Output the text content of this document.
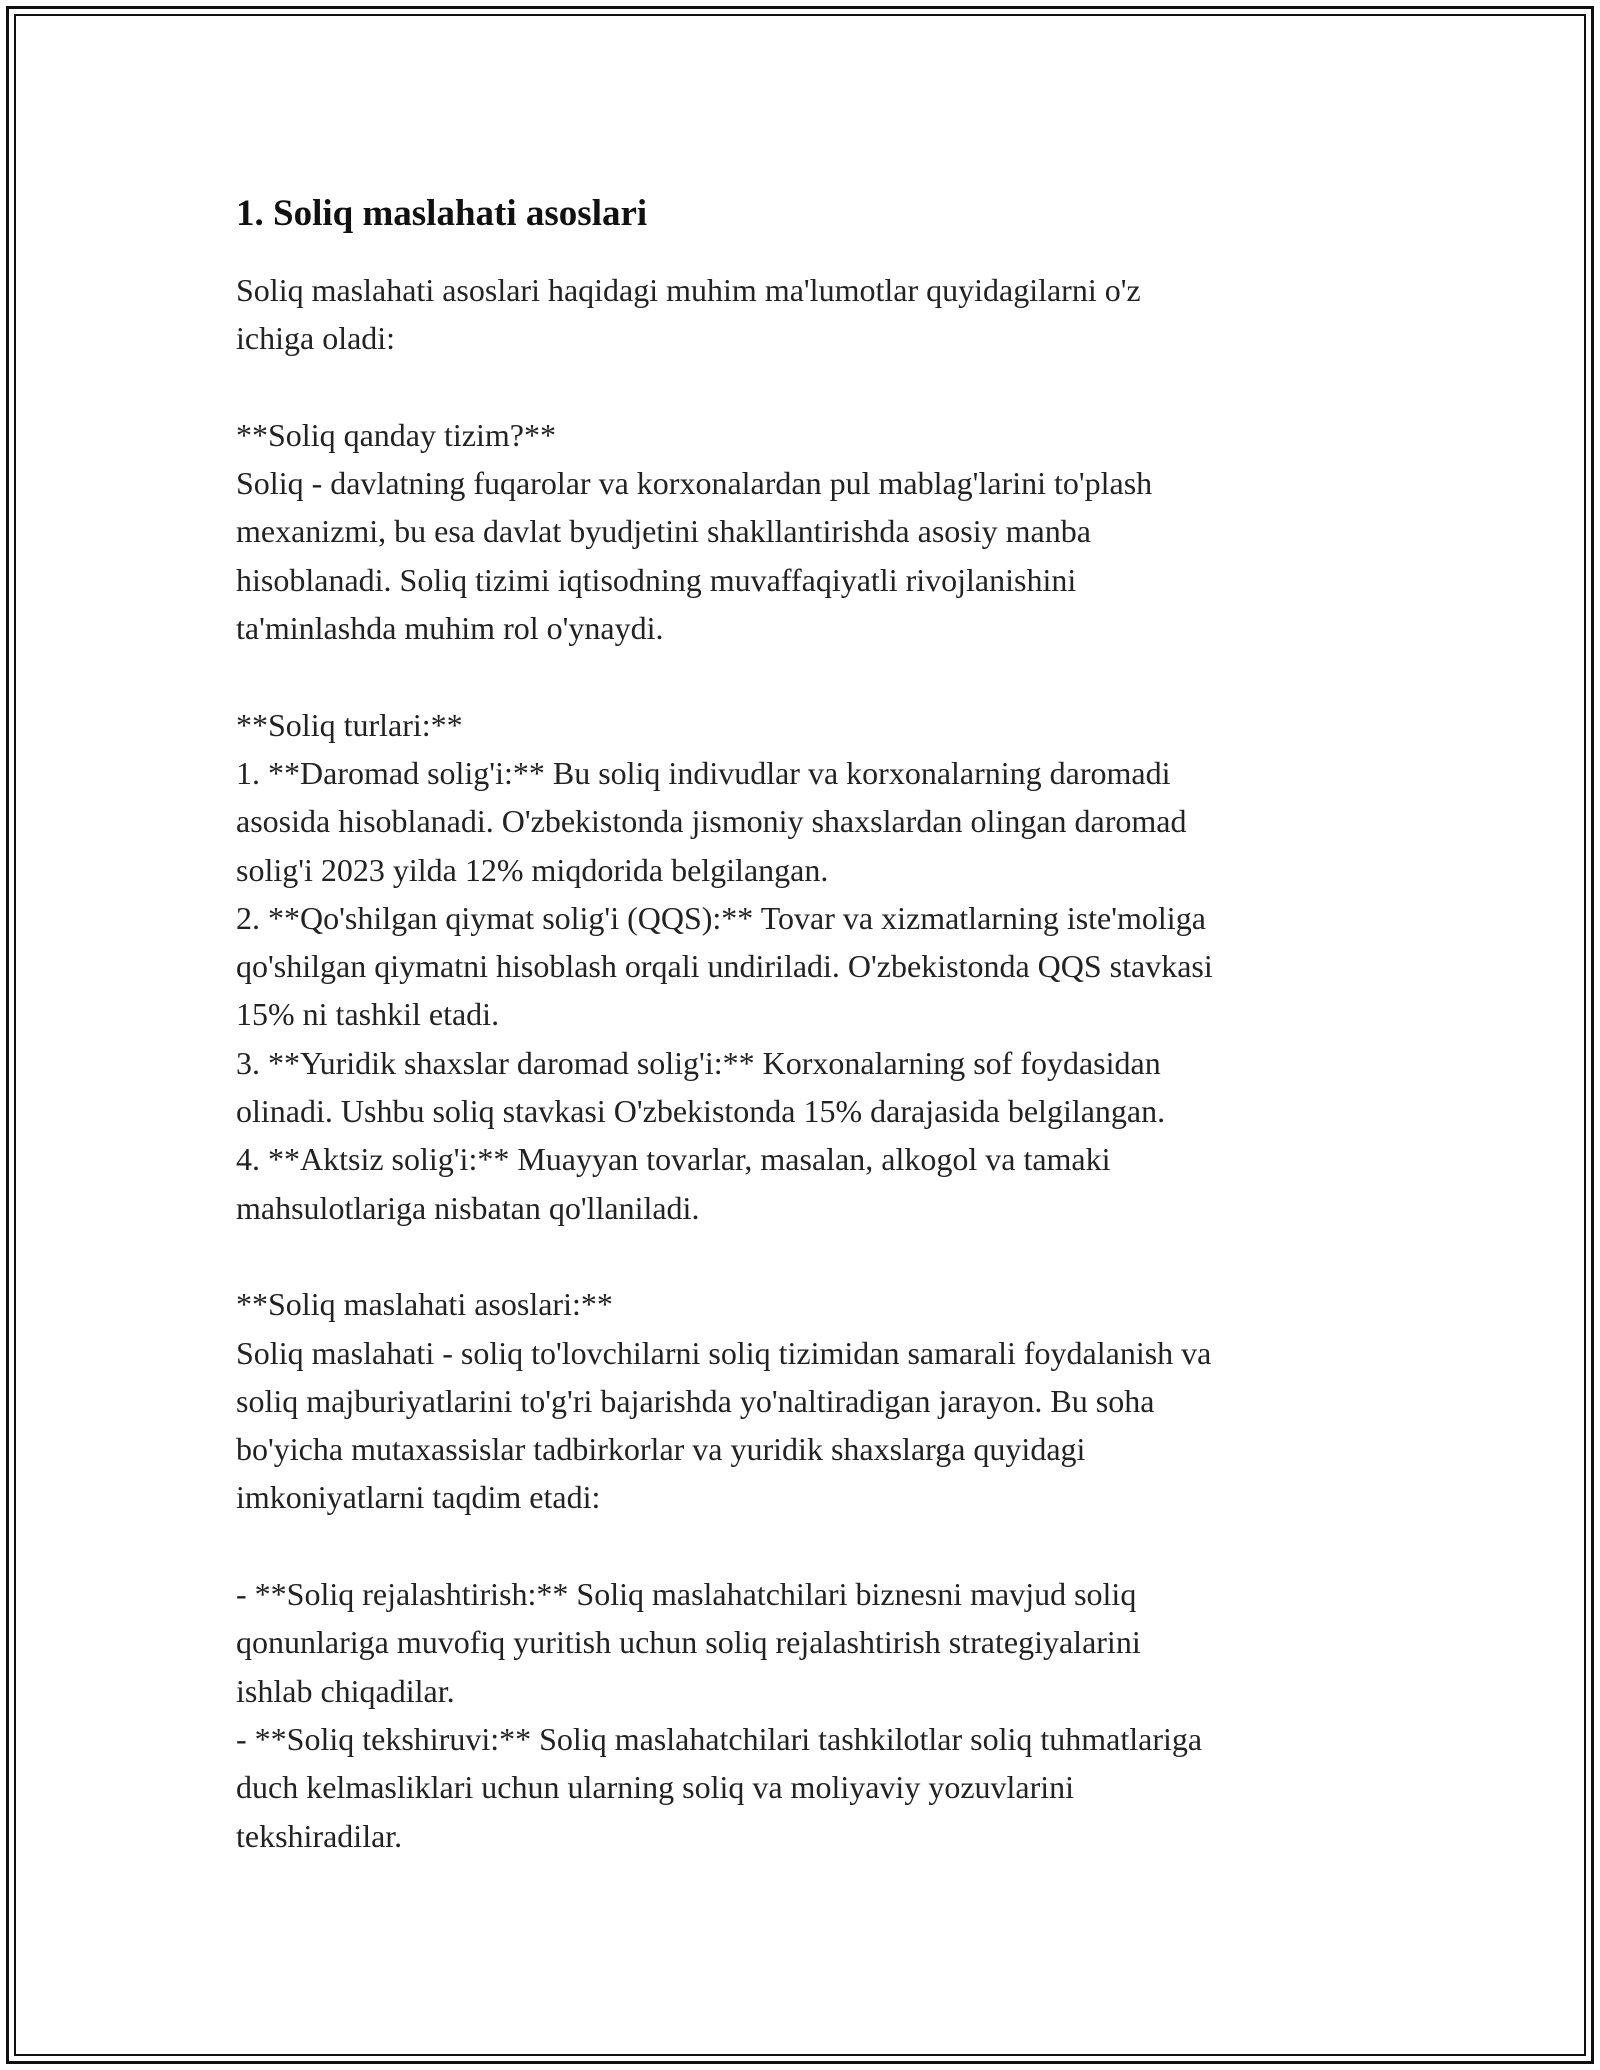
1. Soliq maslahati asoslari

Soliq maslahati asoslari haqidagi muhim ma'lumotlar quyidagilarni o'z
ichiga oladi:

**Soliq qanday tizim?**

Soliq - davlatning fuqarolar va korxonalardan pul mablag'larini to'plash
mexanizmi, bu esa davlat byudjetini shakllantirishda asosiy manba
hisoblanadi. Soliq tizimi iqtisodning muvaffaqiyatli rivojlanishini
ta'minlashda muhim rol o'ynaydi.

**Soliq turlari:**

1. **Daromad solig'i:** Bu soliq indivudlar va korxonalarning daromadi
asosida hisoblanadi. O'zbekistonda jismoniy shaxslardan olingan daromad
solig'i 2023 yilda 12% miqdorida belgilangan.

2. **Qo'shilgan qiymat solig'i (QQS):** Tovar va xizmatlarning iste'moliga
qo'shilgan qiymatni hisoblash orqali undiriladi. O'zbekistonda QQS stavkasi
15% ni tashkil etadi.

3. **Yuridik shaxslar daromad solig'i:** Korxonalarning sof foydasidan
olinadi. Ushbu soliq stavkasi O'zbekistonda 15% darajasida belgilangan.

4. **Aktsiz solig'i:** Muayyan tovarlar, masalan, alkogol va tamaki
mahsulotlariga nisbatan qo'llaniladi.

**Soliq maslahati asoslari:**

Soliq maslahati - soliq to'lovchilarni soliq tizimidan samarali foydalanish va
soliq majburiyatlarini to'g'ri bajarishda yo'naltiradigan jarayon. Bu soha
bo'yicha mutaxassislar tadbirkorlar va yuridik shaxslarga quyidagi
imkoniyatlarni taqdim etadi:

- **Soliq rejalashtirish:** Soliq maslahatchilari biznesni mavjud soliq
qonunlariga muvofiq yuritish uchun soliq rejalashtirish strategiyalarini
ishlab chiqadilar.

- **Soliq tekshiruvi:** Soliq maslahatchilari tashkilotlar soliq tuhmatlariga
duch kelmasliklari uchun ularning soliq va moliyaviy yozuvlarini
tekshiradilar.
